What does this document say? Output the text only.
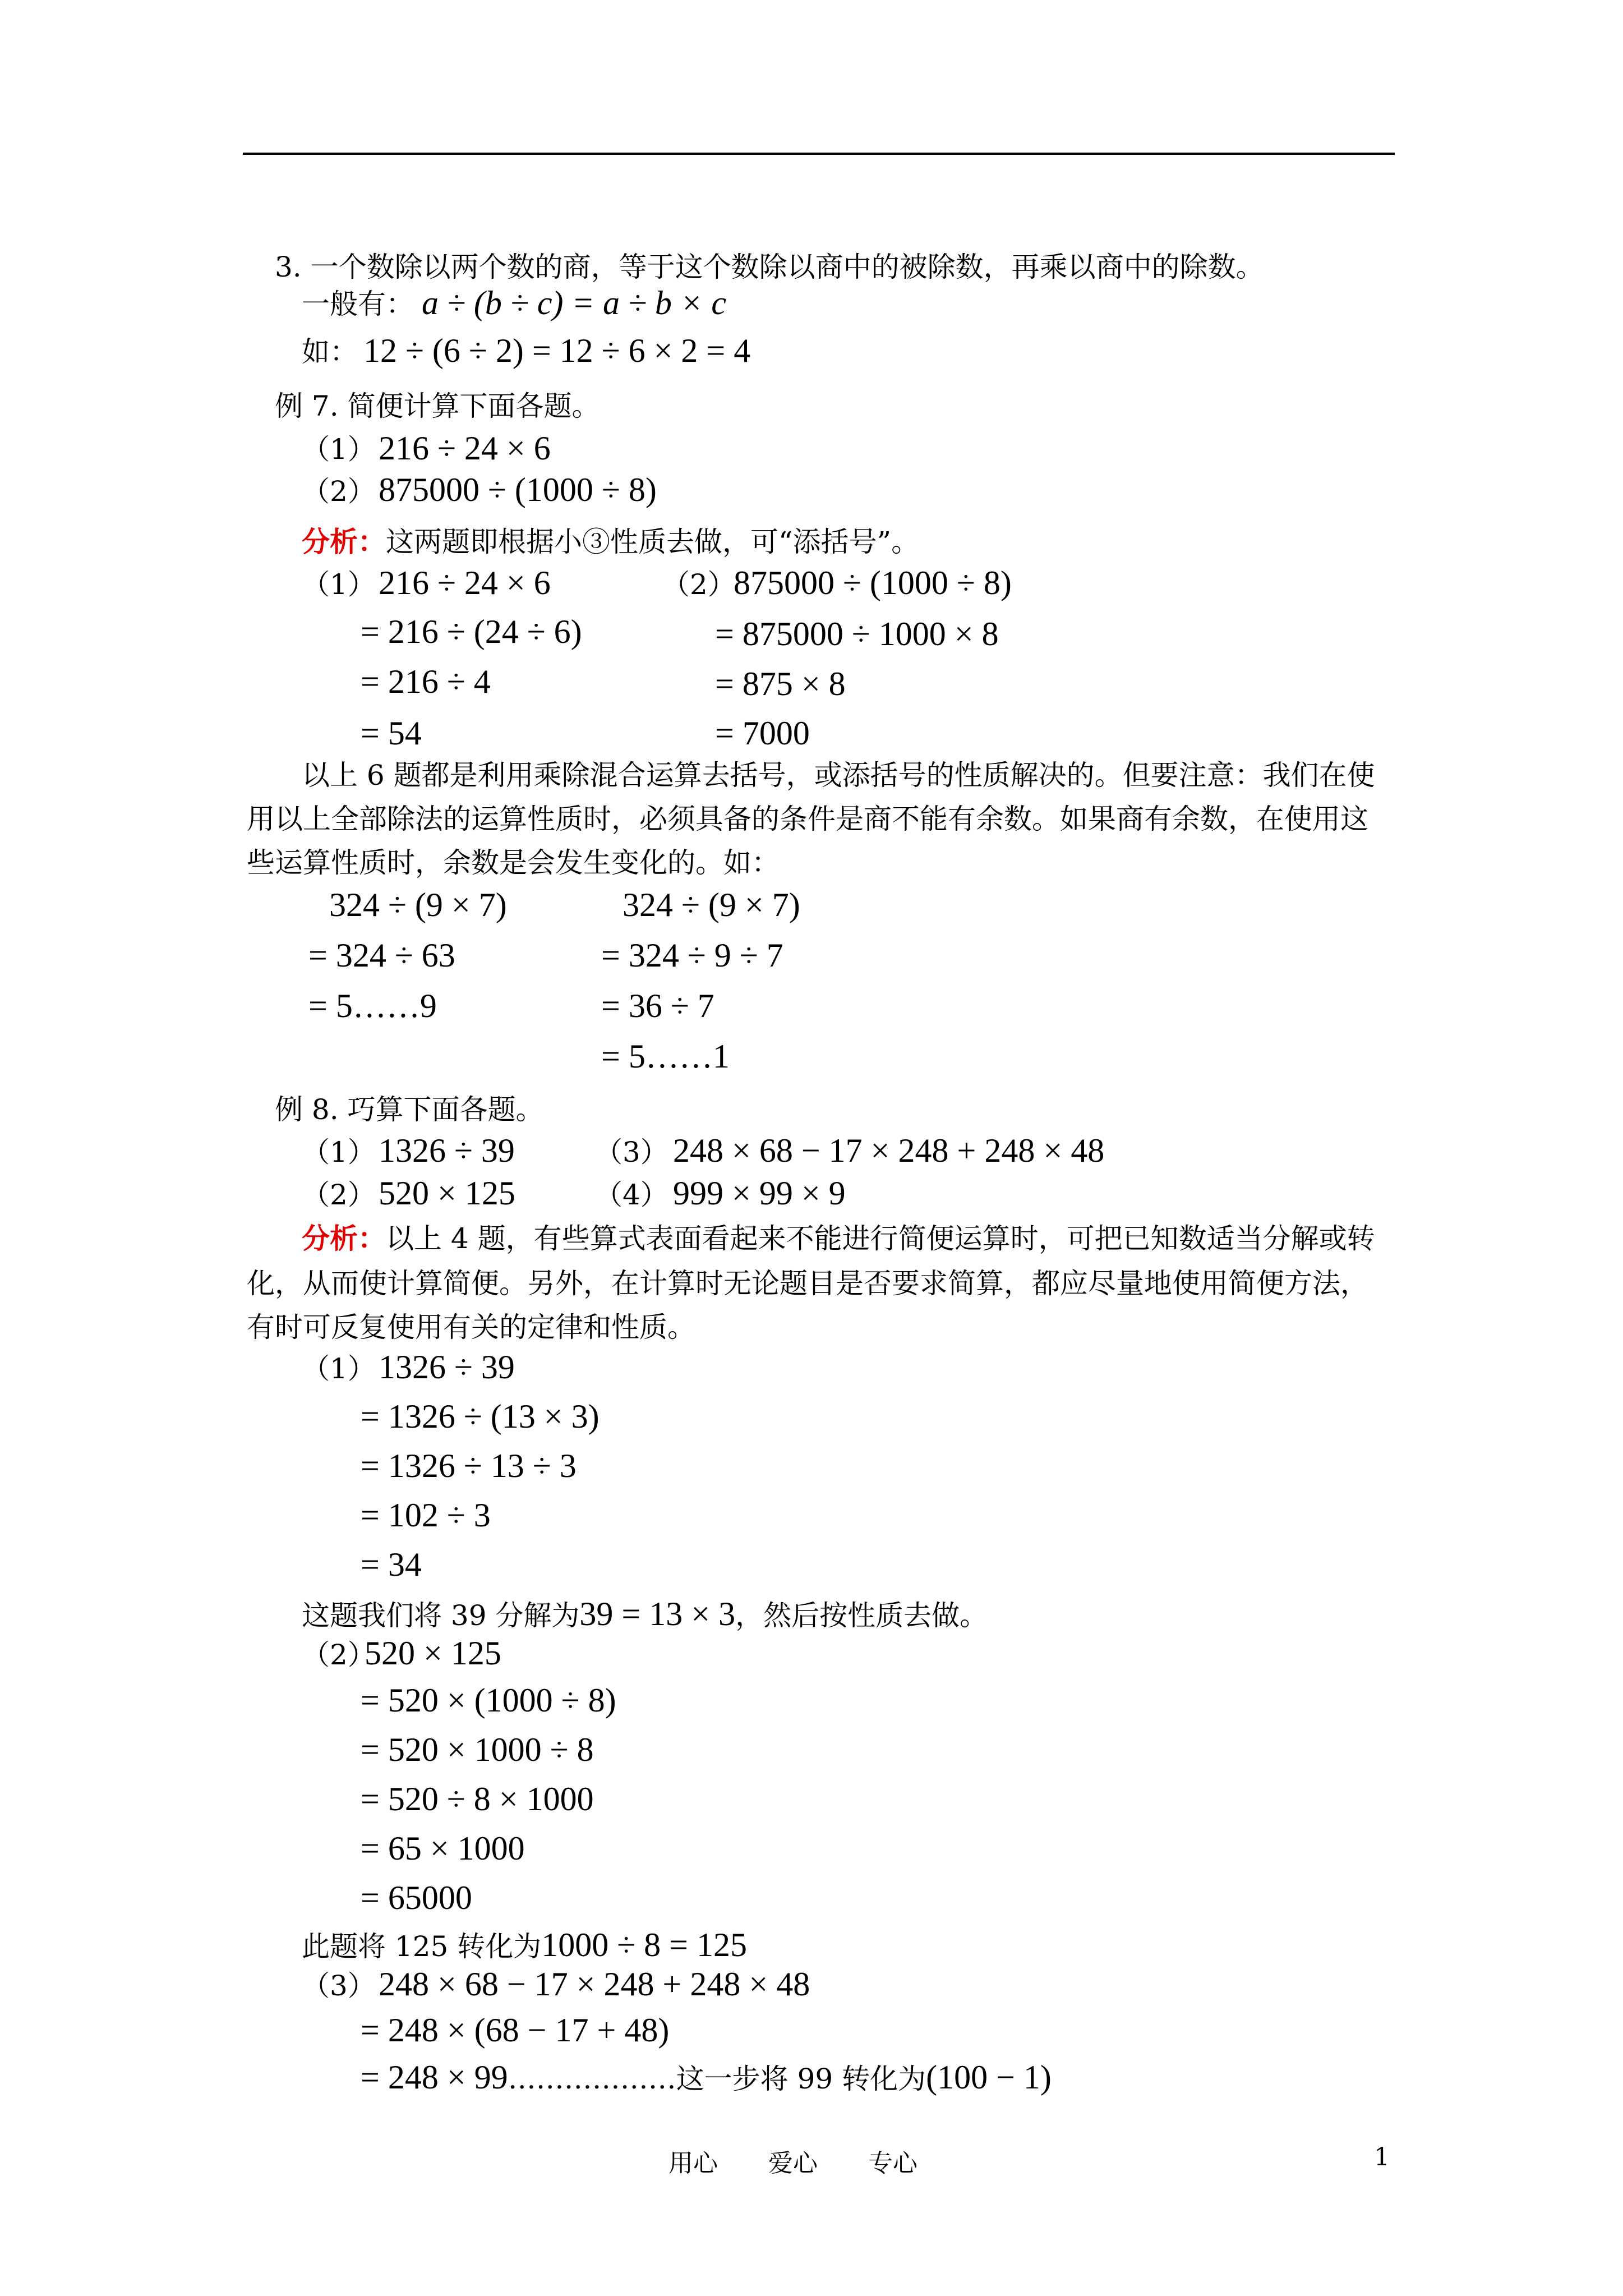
3. 一个数除以两个数的商，等于这个数除以商中的被除数，再乘以商中的除数。
一般有： a ÷ (b ÷ c) = a ÷ b × c
如： 12 ÷ (6 ÷ 2) = 12 ÷ 6 × 2 = 4
例 7. 简便计算下面各题。
（1） 216 ÷ 24 × 6
（2） 875000 ÷ (1000 ÷ 8)
分析：这两题即根据小③性质去做，可“添括号”。
（1） 216 ÷ 24 × 6
= 216 ÷ (24 ÷ 6)
= 216 ÷ 4
= 54
（2）
875000 ÷ (1000 ÷ 8)
= 875000 ÷ 1000 × 8
= 875 × 8
= 7000
以上 6 题都是利用乘除混合运算去括号，或添括号的性质解决的。但要注意：我们在使
用以上全部除法的运算性质时，必须具备的条件是商不能有余数。如果商有余数，在使用这
些运算性质时，余数是会发生变化的。如：
324 ÷ (9 × 7)
= 324 ÷ 63
= 5……9
324 ÷ (9 × 7)
= 324 ÷ 9 ÷ 7
= 36 ÷ 7
= 5……1
例 8. 巧算下面各题。
（1） 1326 ÷ 39	（3） 248 × 68 − 17 × 248 + 248 × 48
（2） 520 × 125	（4） 999 × 99 × 9
分析：以上 4 题，有些算式表面看起来不能进行简便运算时，可把已知数适当分解或转
化，从而使计算简便。另外，在计算时无论题目是否要求简算，都应尽量地使用简便方法，
有时可反复使用有关的定律和性质。
（1） 1326 ÷ 39
= 1326 ÷ (13 × 3)
= 1326 ÷ 13 ÷ 3
= 102 ÷ 3
= 34
这题我们将 39 分解为39 = 13 × 3，然后按性质去做。
（2）
520 × 125
= 520 × (1000 ÷ 8)
= 520 × 1000 ÷ 8
= 520 ÷ 8 × 1000
= 65 × 1000
= 65000
此题将 125 转化为1000 ÷ 8 = 125
（3） 248 × 68 − 17 × 248 + 248 × 48
= 248 × (68 − 17 + 48)
= 248 × 99………………这一步将 99 转化为(100 − 1)
用心 爱心 专心	1
